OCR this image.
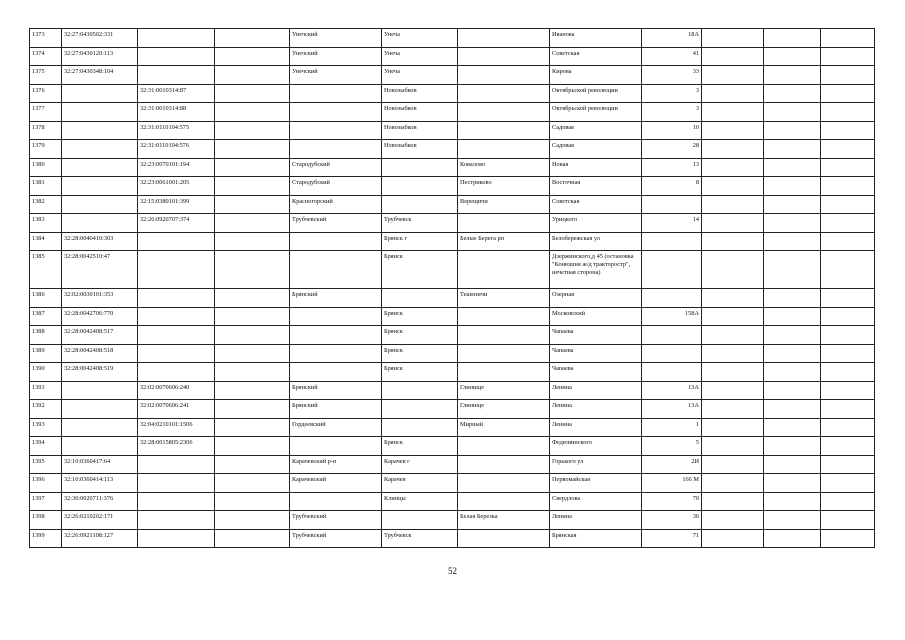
1373	32:27:0430502:331			Унечский	Унеча		Иванова	18А			
1374	32:27:0430120:113			Унечский	Унеча		Советская	41			
1375	32:27:0430348:104			Унечский	Унеча		Кирова	33			
1376		32:31:0010314:87			Новозыбков		Октябрьской революции	3			
1377		32:31:0010314:88			Новозыбков		Октябрьской революции	3			
1378		32:31:0110104:575			Новозыбков		Садовая	10			
1379		32:31:0110104:576			Новозыбков		Садовая	28			
1380		32:23:0070101:194		Стародубский		Ковалово	Новая	13			
1381		32:23:0061001:205		Стародубский		Пестриково	Восточная	8			
1382		32:15:0380101:399		Красногорский		Верещичи	Советская				
1383		32:26:0920707:374		Трубчевский	Трубчевск		Урицкого	14			
1384	32:28:0040410:303				Брянск г	Белые Берега рп	Белобережская ул				
1385	32:28:0042510:47				Брянск		Дзержинского,д 45 (остановка "Конюшня ж/д тракторостр", нечетная сторона)				
1386	32:02:0030101:353			Брянский		Тешеничи	Озерная				
1387	32:28:0042706:770				Брянск		Московский	158А			
1388	32:28:0042408:517				Брянск		Чапаева				
1389	32:28:0042408:518				Брянск		Чапаева				
1390	32:28:0042408:519				Брянск		Чапаева				
1391		32:02:0070606:240		Брянский		Глинище	Ленина	13А			
1392		32:02:0070606:241		Брянский		Глинище	Ленина	13А			
1393		32:04:0210101:1506		Гордеевский		Мирный	Ленина	1			
1394		32:28:0015805:2306			Брянск		Федюнинского	5			
1395	32:10:0360417:64			Карачевский р-н	Карачев г		Горького ул	2И			
1396	32:10:0360414:113			Карачевский	Карачев		Первомайская	166 М			
1397	32:30:0020711:376				Клинцы		Свердлова	70			
1398	32:26:0210202:171			Трубчевский		Белая Березка	Ленина	36			
1399	32:26:0921108:127			Трубчевский	Трубчевск		Брянская	71			
52
